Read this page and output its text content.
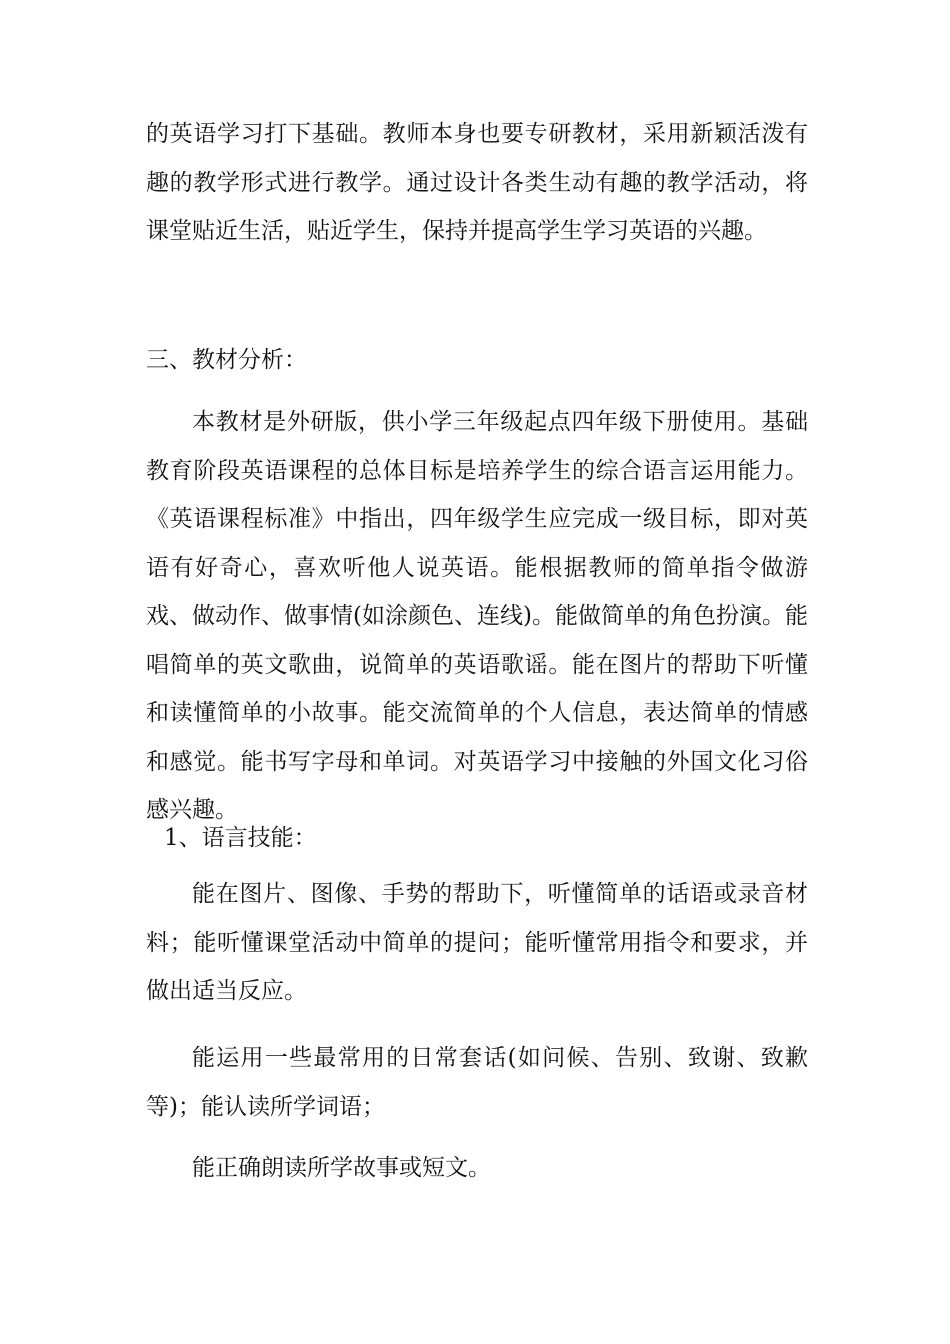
的英语学习打下基础。教师本身也要专研教材，采用新颖活泼有趣的教学形式进行教学。通过设计各类生动有趣的教学活动，将课堂贴近生活，贴近学生，保持并提高学生学习英语的兴趣。

三、教材分析：

本教材是外研版，供小学三年级起点四年级下册使用。基础教育阶段英语课程的总体目标是培养学生的综合语言运用能力。《英语课程标准》中指出，四年级学生应完成一级目标，即对英语有好奇心，喜欢听他人说英语。能根据教师的简单指令做游戏、做动作、做事情(如涂颜色、连线)。能做简单的角色扮演。能唱简单的英文歌曲，说简单的英语歌谣。能在图片的帮助下听懂和读懂简单的小故事。能交流简单的个人信息，表达简单的情感和感觉。能书写字母和单词。对英语学习中接触的外国文化习俗感兴趣。

1、语言技能：

能在图片、图像、手势的帮助下，听懂简单的话语或录音材料；能听懂课堂活动中简单的提问；能听懂常用指令和要求，并做出适当反应。

能运用一些最常用的日常套话(如问候、告别、致谢、致歉等)；能认读所学词语；

能正确朗读所学故事或短文。
